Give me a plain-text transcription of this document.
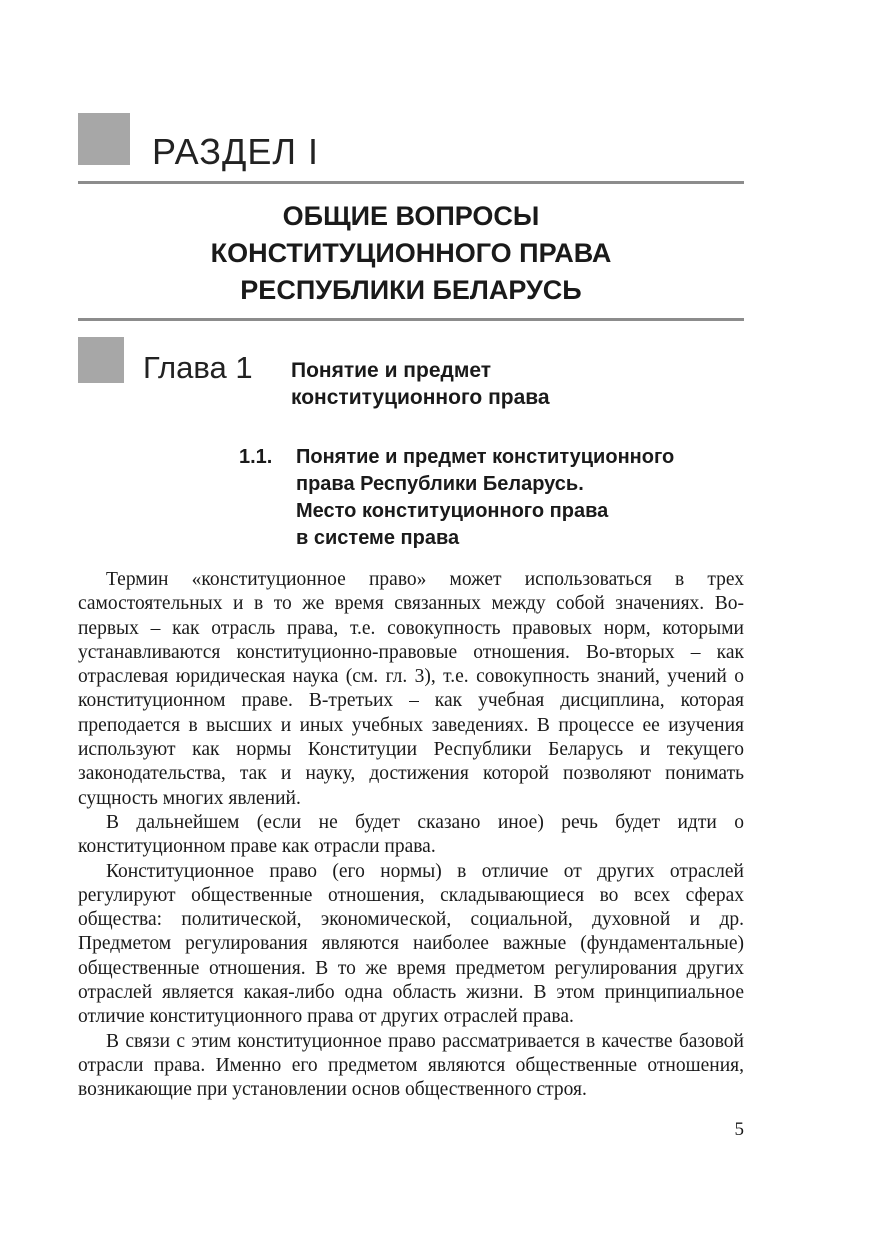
РАЗДЕЛ I
ОБЩИЕ ВОПРОСЫ
КОНСТИТУЦИОННОГО ПРАВА
РЕСПУБЛИКИ БЕЛАРУСЬ
Глава 1 Понятие и предмет
конституционного права
1.1. Понятие и предмет конституционного
права Республики Беларусь.
Место конституционного права
в системе права

Термин «конституционное право» может использоваться в трех самостоятельных и в то же время связанных между собой значениях. Во-первых – как отрасль права, т.е. совокупность правовых норм, которыми устанавливаются конституционно-правовые отношения. Во-вторых – как отраслевая юридическая наука (см. гл. 3), т.е. совокупность знаний, учений о конституционном праве. В-третьих – как учебная дисциплина, которая преподается в высших и иных учебных заведениях. В процессе ее изучения используют как нормы Конституции Республики Беларусь и текущего законодательства, так и науку, достижения которой позволяют понимать сущность многих явлений.

В дальнейшем (если не будет сказано иное) речь будет идти о конституционном праве как отрасли права.

Конституционное право (его нормы) в отличие от других отраслей регулируют общественные отношения, складывающиеся во всех сферах общества: политической, экономической, социальной, духовной и др. Предметом регулирования являются наиболее важные (фундаментальные) общественные отношения. В то же время предметом регулирования других отраслей является какая-либо одна область жизни. В этом принципиальное отличие конституционного права от других отраслей права.

В связи с этим конституционное право рассматривается в качестве базовой отрасли права. Именно его предметом являются общественные отношения, возникающие при установлении основ общественного строя.

5
